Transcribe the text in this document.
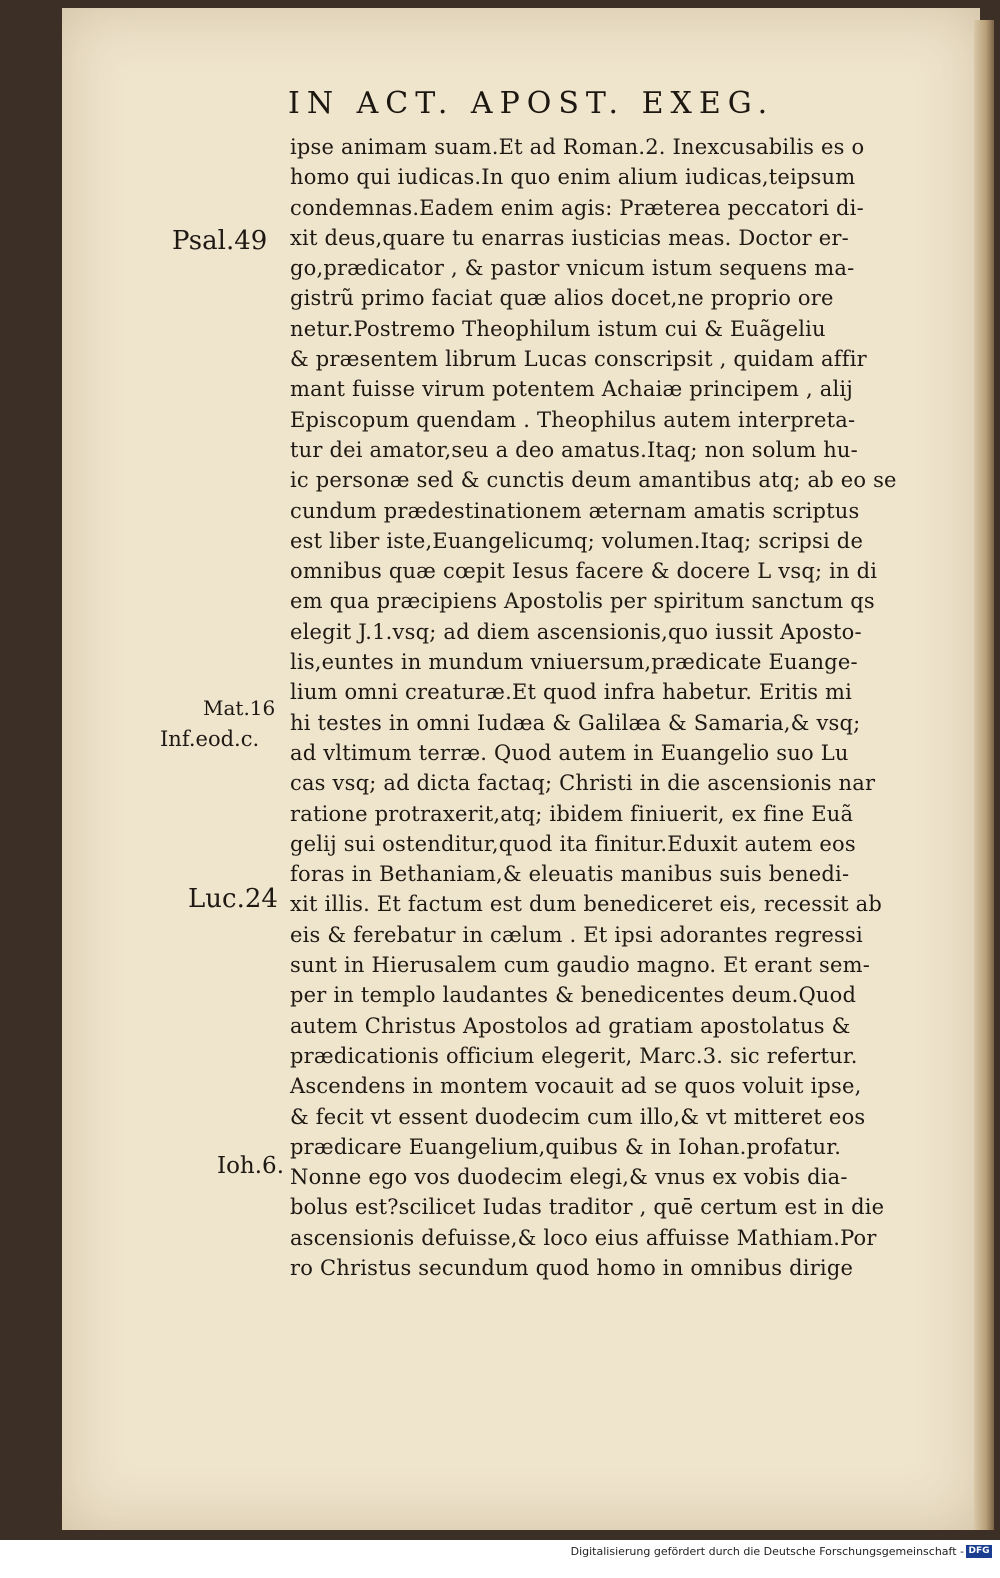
IN ACT. APOST. EXEG.
Psal.49
Mat.16
Inf.eod.c.
Luc.24
Ioh.6.
ipse animam suam.Et ad Roman.2. Inexcusabilis es o
homo qui iudicas.In quo enim alium iudicas,teipsum
condemnas.Eadem enim agis: Præterea peccatori di-
xit deus,quare tu enarras iusticias meas. Doctor er-
go,prædicator , & pastor vnicum istum sequens ma-
gistrũ primo faciat quæ alios docet,ne proprio ore
netur.Postremo Theophilum istum cui & Euãgeliu
& præsentem librum Lucas conscripsit , quidam affir
mant fuisse virum potentem Achaiæ principem , alij
Episcopum quendam . Theophilus autem interpreta-
tur dei amator,seu a deo amatus.Itaq; non solum hu-
ic personæ sed & cunctis deum amantibus atq; ab eo se
cundum prædestinationem æternam amatis scriptus
est liber iste,Euangelicumq; volumen.Itaq; scripsi de
omnibus quæ cœpit Iesus facere & docere L vsq; in di
em qua præcipiens Apostolis per spiritum sanctum qs
elegit J.1.vsq; ad diem ascensionis,quo iussit Aposto-
lis,euntes in mundum vniuersum,prædicate Euange-
lium omni creaturæ.Et quod infra habetur. Eritis mi
hi testes in omni Iudæa & Galilæa & Samaria,& vsq;
ad vltimum terræ. Quod autem in Euangelio suo Lu
cas vsq; ad dicta factaq; Christi in die ascensionis nar
ratione protraxerit,atq; ibidem finiuerit, ex fine Euã
gelij sui ostenditur,quod ita finitur.Eduxit autem eos
foras in Bethaniam,& eleuatis manibus suis benedi-
xit illis. Et factum est dum benediceret eis, recessit ab
eis & ferebatur in cælum . Et ipsi adorantes regressi
sunt in Hierusalem cum gaudio magno. Et erant sem-
per in templo laudantes & benedicentes deum.Quod
autem Christus Apostolos ad gratiam apostolatus &
prædicationis officium elegerit, Marc.3. sic refertur.
Ascendens in montem vocauit ad se quos voluit ipse,
& fecit vt essent duodecim cum illo,& vt mitteret eos
prædicare Euangelium,quibus & in Iohan.profatur.
Nonne ego vos duodecim elegi,& vnus ex vobis dia-
bolus est?scilicet Iudas traditor , quē certum est in die
ascensionis defuisse,& loco eius affuisse Mathiam.Por
ro Christus secundum quod homo in omnibus dirige
Digitalisierung gefördert durch die Deutsche Forschungsgemeinschaft - DFG
